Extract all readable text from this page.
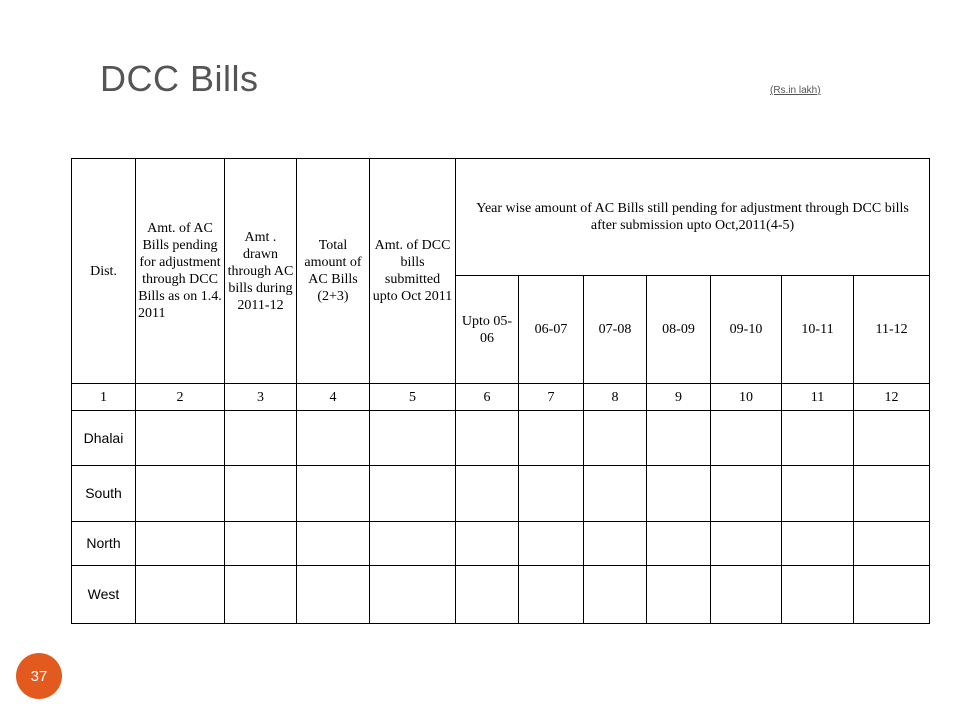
DCC Bills	(Rs.in lakh)
Dist.	Amt. of AC Bills pending for adjustment through DCC Bills as on 1.4. 2011	Amt . drawn through AC bills during 2011-12	Total amount of AC Bills (2+3)	Amt. of DCC bills submitted upto Oct 2011	Year wise amount of AC Bills still pending for adjustment through DCC bills after submission upto Oct,2011(4-5)						
					Upto 05-06	06-07	07-08	08-09	09-10	10-11	11-12
1	2	3	4	5	6	7	8	9	10	11	12
Dhalai											
South											
North											
West											
37
